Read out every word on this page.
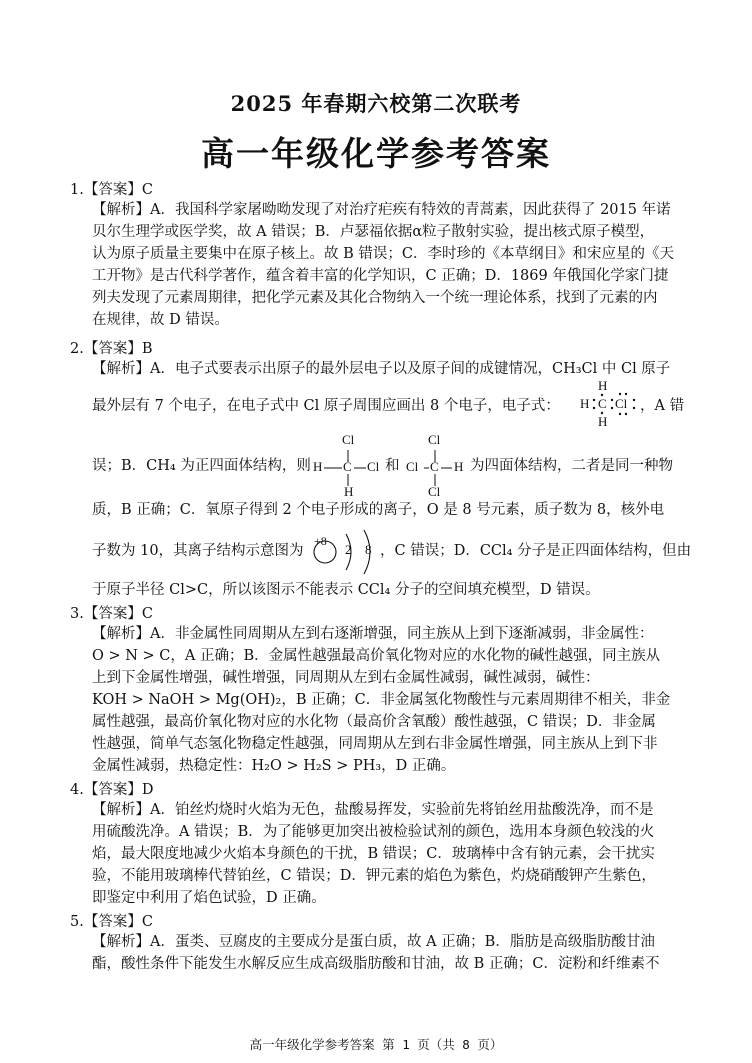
2025 年春期六校第二次联考
高一年级化学参考答案
1.【答案】C
【解析】A．我国科学家屠呦呦发现了对治疗疟疾有特效的青蒿素，因此获得了 2015 年诺
贝尔生理学或医学奖，故 A 错误；B．卢瑟福依据α粒子散射实验，提出核式原子模型，
认为原子质量主要集中在原子核上。故 B 错误；C．李时珍的《本草纲目》和宋应星的《天
工开物》是古代科学著作，蕴含着丰富的化学知识，C 正确；D．1869 年俄国化学家门捷
列夫发现了元素周期律，把化学元素及其化合物纳入一个统一理论体系，找到了元素的内
在规律，故 D 错误。
2.【答案】B
【解析】A．电子式要表示出原子的最外层电子以及原子间的成键情况，CH₃Cl 中 Cl 原子
最外层有 7 个电子，在电子式中 Cl 原子周围应画出 8 个电子，电子式：
H
H C Cl
H
，A 错
误；B．CH₄ 为正四面体结构，则
Cl
H C Cl
H
和
Cl
Cl C H
Cl
为四面体结构，二者是同一种物
质，B 正确；C．氧原子得到 2 个电子形成的离子，O 是 8 号元素，质子数为 8，核外电
子数为 10，其离子结构示意图为
+8
2 8 ，C 错误；D．CCl₄ 分子是正四面体结构，但由
于原子半径 Cl>C，所以该图示不能表示 CCl₄ 分子的空间填充模型，D 错误。
3.【答案】C
【解析】A．非金属性同周期从左到右逐渐增强，同主族从上到下逐渐减弱，非金属性：
O > N > C，A 正确；B．金属性越强最高价氧化物对应的水化物的碱性越强，同主族从
上到下金属性增强，碱性增强，同周期从左到右金属性减弱，碱性减弱，碱性：
KOH > NaOH > Mg(OH)₂，B 正确；C．非金属氢化物酸性与元素周期律不相关，非金
属性越强，最高价氧化物对应的水化物（最高价含氧酸）酸性越强，C 错误；D．非金属
性越强，简单气态氢化物稳定性越强，同周期从左到右非金属性增强，同主族从上到下非
金属性减弱，热稳定性：H₂O > H₂S > PH₃，D 正确。
4.【答案】D
【解析】A．铂丝灼烧时火焰为无色，盐酸易挥发，实验前先将铂丝用盐酸洗净，而不是
用硫酸洗净。A 错误；B．为了能够更加突出被检验试剂的颜色，选用本身颜色较浅的火
焰，最大限度地减少火焰本身颜色的干扰，B 错误；C．玻璃棒中含有钠元素，会干扰实
验，不能用玻璃棒代替铂丝，C 错误；D．钾元素的焰色为紫色，灼烧硝酸钾产生紫色，
即鉴定中利用了焰色试验，D 正确。
5.【答案】C
【解析】A．蛋类、豆腐皮的主要成分是蛋白质，故 A 正确；B．脂肪是高级脂肪酸甘油
酯，酸性条件下能发生水解反应生成高级脂肪酸和甘油，故 B 正确；C．淀粉和纤维素不
高一年级化学参考答案 第 1 页（共 8 页）
